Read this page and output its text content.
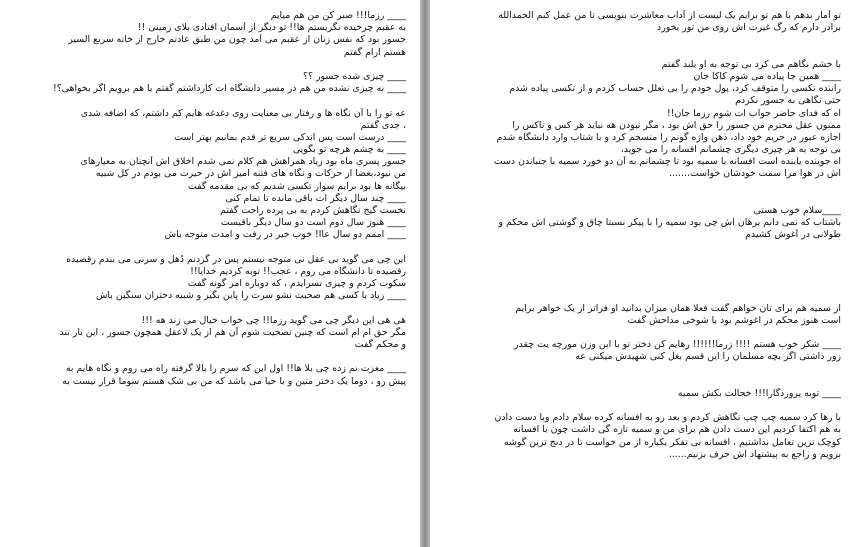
____ رزما!!! صبر کن من هم میایم
به عقبم چرخیده نگریستم ها!! تو دیگر از آسمان افتادی بلای زمینی !!
جسور بود که نفس زنان از عقبم می آمد چون من طبق عادتم خارج از خانه سریع السیر
هستم ارام گفتم
____ چیزی شده جسور ؟؟
____ نه چیزی نشده من هم در مسیر دانشگاه ات کارداشتم گفتم با هم برویم اگر بخواهی؟!
عه تو را با آن نگاه ها و رفتار بی معنایت روی دغدغه هایم کم داشتم، که اضافه شدی
، جدی گفتم
____ درست است پس اندکی سریع تر قدم بمانیم بهتر است
____ به چشم هرچه تو بگویی
جسور پسری ماه بود زیاد همراهش هم کلام نمی شدم اخلاق اش آنچنان به معیارهای
من نبود،بعضا از حرکات و نگاه های فتنه امیز اش در حیرت می بودم در کل شبیه
بیگانه ها بود برایم سوار تکسی شدیم که بی مقدمه گفت
____ چند سال دیگر ات باقی مانده تا تمام کنی
نخست گیج نگاهش کردم به بی پرده راحت گفتم
____ هنوز سال دوم است دو سال دیگر باقیست
____ اممم دو سال عاا! خوب خیر در رفت و امدت متوجه باش
این چی می گوید بی عقل نی متوجه نیستم پس در گردنم دُهل و سرنی می بندم رقصیده
رقصیده تا دانشگاه می روم ، عجب!! توبه کردیم خدایا!!
سکوت کردم و چیزی نسرایدم ، که دوباره امر گونه گفت
____ زیاد با کسی هم صحبت نشو سرت را پاین بگیر و شبیه دختران سنگین باش
هی هی این دیگر چی می گوید رزما!! چی خواب خیال می زند هه !!!
مگر حق ام ام است که چنین نصحیت شوم آن هم از یک لاعقل همچون جسور ، این بار تند
و محکم گفت
____ مغزت نم زده چی بلا ها!! اول این که سرم را بالا گرفته راه می روم و نگاه هایم به
پیش رو ، دوما یک دختر متین و با حیا می باشد که من بی شک هستم سوما قرار نیست به
تو آمار بدهم با هم تو برایم یک لیست از آداب معاشرت بنویسی تا من عمل کنم الحمدالله
برادر دارم که رگ غیرت اش روی من تور بخورد
با خشم نگاهم می کرد بی توجه به او بلند گفتم
____ همین جا پیاده می شوم کاکا جان
راننده تکسی را متوقف کرد، پول خودم را بی تعلل حساب کردم و از تکسی پیاده شدم
حتی نگاهی به جسور نکردم
اه که فدای حاضر جواب ات شوم رزما جان!!
ممنون عقل محترم من جسور را حق اش بود ، مگر نبودن هه نباید هر کس و ناکس را
اجازه عبور در حریم خود داد، ذهن واژه گونم را منسجم کرد و با شتاب وارد دانشگاه شدم
بی توجه به هر چیزی دیگری چشمانم افسانه را می جوید،
اه جوینده یابنده است افسانه با سمیه بود تا چشمانم به آن دو خورد سمیه با جنباندن دست
اش در هوا مرا سمت خودشان خواست.......
____سلام خوب هستی
باشتاب که نمی دانم برهان اش چی بود سمیه را با پیکر نسبتا چاق و گوشتی اش محکم و
طولانی در آغوش کشیدم
از سمیه هم برای تان خواهم گفت فعلا همان میزان بدانید او فراتر از یک خواهر برایم
است هنوز محکم در اغوشم بود با شوخی مداحش گفت
____ شکر خوب هستم !!!! زرما!!!!!! رهایم کن دختر تو با این وزن مورچه یت چقدر
زور داشتی اگر بچه مسلمان را این قسم بغل کنی شهیدش میکنی عه
____ توبه پروردگارا!!! خجالت بکش سمیه
با رها کرد سمیه چپ چپ نگاهش کردم و بعد رو به افسانه کرده سلام دادم وبا دست دادن
به هم اکتفا کردیم این دست دادن هم برای من و سمیه تازه گی داشت چون با افسانه
کوچک ترین تعامل نداشتیم ، افسانه بی تفکر یکباره از من خواست تا در دنج ترین گوشه
برویم و راجع به پیشنهاد اش حرف بزنیم......
